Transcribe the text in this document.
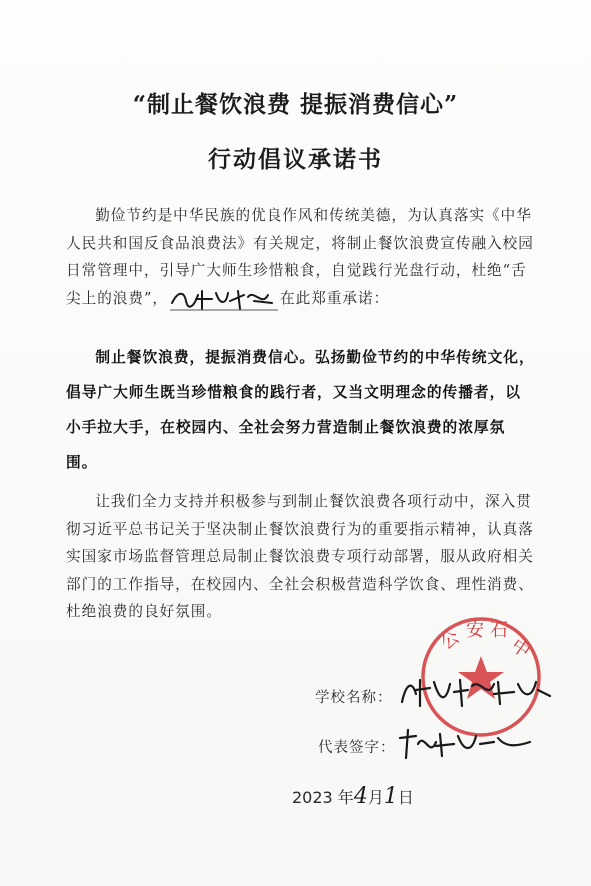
“制止餐饮浪费 提振消费信心”
行动倡议承诺书

勤俭节约是中华民族的优良作风和传统美德，为认真落实《中华人民共和国反食品浪费法》有关规定，将制止餐饮浪费宣传融入校园日常管理中，引导广大师生珍惜粮食，自觉践行光盘行动，杜绝“舌尖上的浪费”，	在此郑重承诺：

制止餐饮浪费，提振消费信心。弘扬勤俭节约的中华传统文化，倡导广大师生既当珍惜粮食的践行者，又当文明理念的传播者，以小手拉大手，在校园内、全社会努力营造制止餐饮浪费的浓厚氛围。

让我们全力支持并积极参与到制止餐饮浪费各项行动中，深入贯彻习近平总书记关于坚决制止餐饮浪费行为的重要指示精神，认真落实国家市场监督管理总局制止餐饮浪费专项行动部署，服从政府相关部门的工作指导，在校园内、全社会积极营造科学饮食、理性消费、杜绝浪费的良好氛围。

公 安 石
中
学校名称：
代表签字：
2023 年4月1日
